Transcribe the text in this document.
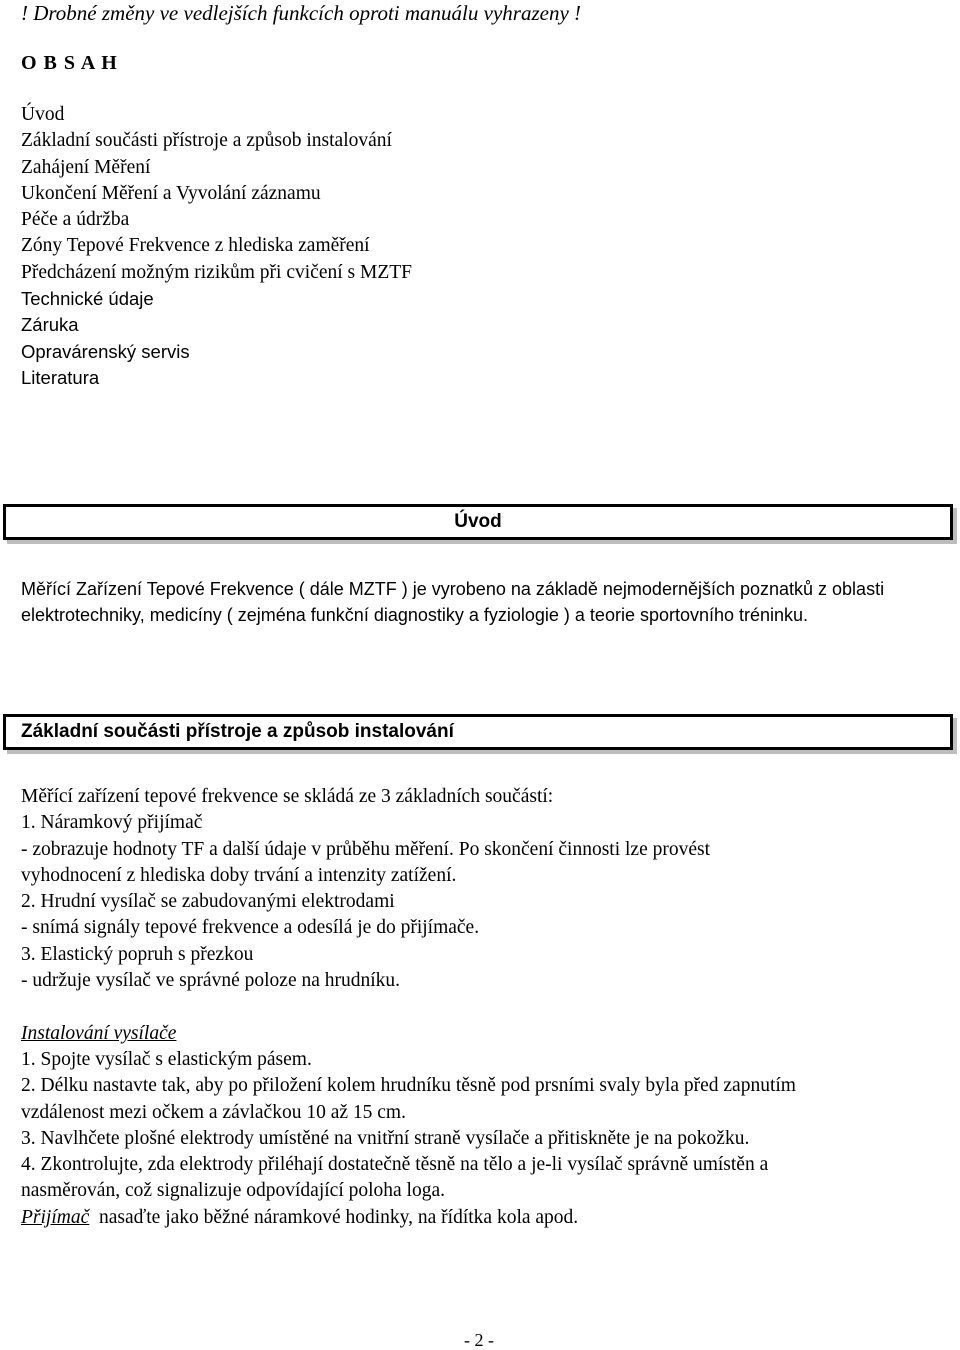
! Drobné změny ve vedlejších funkcích oproti manuálu vyhrazeny !
O B S A H
Úvod
Základní součásti přístroje a způsob instalování
Zahájení Měření
Ukončení Měření a Vyvolání záznamu
Péče a údržba
Zóny Tepové Frekvence z hlediska zaměření
Předcházení možným rizikům při cvičení s MZTF
Technické údaje
Záruka
Opravárenský servis
Literatura
Úvod
Měřící Zařízení Tepové Frekvence ( dále MZTF ) je vyrobeno na základě nejmodernějších poznatků z oblasti elektrotechniky, medicíny ( zejména funkční diagnostiky a fyziologie ) a teorie sportovního tréninku.
Základní součásti přístroje a způsob instalování
Měřící zařízení tepové frekvence se skládá ze 3 základních součástí:
1. Náramkový přijímač
- zobrazuje hodnoty TF a další údaje v průběhu měření. Po skončení činnosti lze provést
vyhodnocení z hlediska doby trvání a intenzity zatížení.
2. Hrudní vysílač se zabudovanými elektrodami
- snímá signály tepové frekvence a odesílá je do přijímače.
3. Elastický popruh s přezkou
- udržuje vysílač ve správné poloze na hrudníku.
Instalování vysílače
1. Spojte vysílač s elastickým pásem.
2. Délku nastavte tak, aby po přiložení kolem hrudníku těsně pod prsními svaly byla před zapnutím
vzdálenost mezi očkem a závlačkou 10 až 15 cm.
3. Navlhčete plošné elektrody umístěné na vnitřní straně vysílače a přitiskněte je na pokožku.
4. Zkontrolujte, zda elektrody přiléhají dostatečně těsně na tělo a je-li vysílač správně umístěn a
nasměrován, což signalizuje odpovídající poloha loga.
Přijímač  nasaďte jako běžné náramkové hodinky, na řídítka kola apod.
- 2 -
